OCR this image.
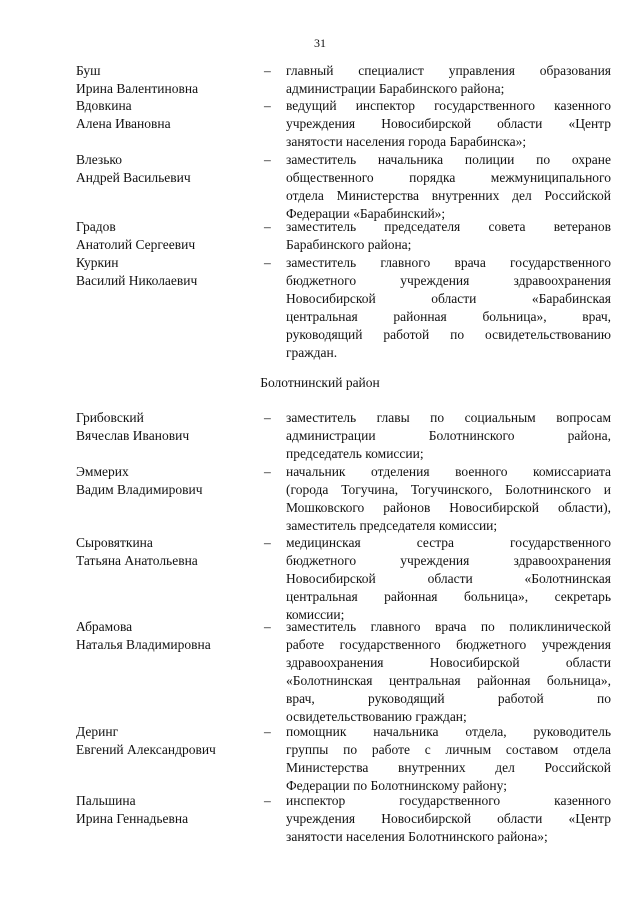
31
Буш
Ирина Валентиновна
– главный специалист управления образования
администрации Барабинского района;
Вдовкина
Алена Ивановна
– ведущий инспектор государственного казенного
учреждения Новосибирской области «Центр
занятости населения города Барабинска»;
Влезько
Андрей Васильевич
– заместитель начальника полиции по охране
общественного порядка межмуниципального
отдела Министерства внутренних дел Российской
Федерации «Барабинский»;
Градов
Анатолий Сергеевич
– заместитель председателя совета ветеранов
Барабинского района;
Куркин
Василий Николаевич
– заместитель главного врача государственного
бюджетного учреждения здравоохранения
Новосибирской области «Барабинская
центральная районная больница», врач,
руководящий работой по освидетельствованию
граждан.
Грибовский
Вячеслав Иванович
– заместитель главы по социальным вопросам
администрации Болотнинского района,
председатель комиссии;
Эммерих
Вадим Владимирович
– начальник отделения военного комиссариата
(города Тогучина, Тогучинского, Болотнинского и
Мошковского районов Новосибирской области),
заместитель председателя комиссии;
Сыровяткина
Татьяна Анатольевна
– медицинская сестра государственного
бюджетного учреждения здравоохранения
Новосибирской области «Болотнинская
центральная районная больница», секретарь
комиссии;
Абрамова
Наталья Владимировна
– заместитель главного врача по поликлинической
работе государственного бюджетного учреждения
здравоохранения Новосибирской области
«Болотнинская центральная районная больница»,
врач, руководящий работой по
освидетельствованию граждан;
Деринг
Евгений Александрович
– помощник начальника отдела, руководитель
группы по работе с личным составом отдела
Министерства внутренних дел Российской
Федерации по Болотнинскому району;
Пальшина
Ирина Геннадьевна
– инспектор государственного казенного
учреждения Новосибирской области «Центр
занятости населения Болотнинского района»;
Болотнинский район
